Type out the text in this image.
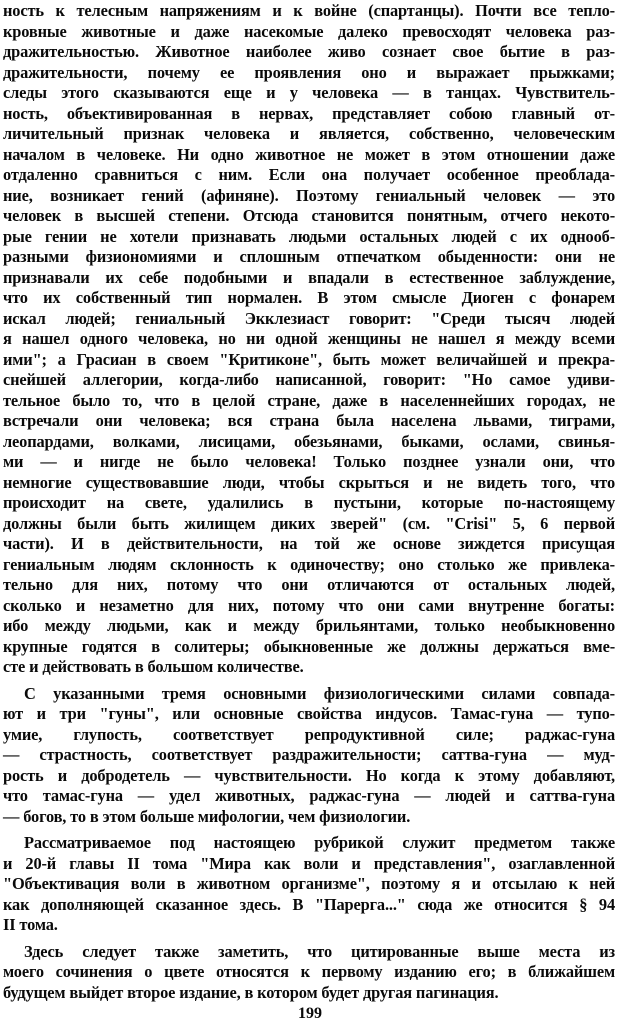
ность к телесным напряжениям и к войне (спартанцы). Почти все тепло-
кровные животные и даже насекомые далеко превосходят человека раз-
дражительностью. Животное наиболее живо сознает свое бытие в раз-
дражительности, почему ее проявления оно и выражает прыжками;
следы этого сказываются еще и у человека — в танцах. Чувствитель-
ность, объективированная в нервах, представляет собою главный от-
личительный признак человека и является, собственно, человеческим
началом в человеке. Ни одно животное не может в этом отношении даже
отдаленно сравниться с ним. Если она получает особенное преоблада-
ние, возникает гений (афиняне). Поэтому гениальный человек — это
человек в высшей степени. Отсюда становится понятным, отчего некото-
рые гении не хотели признавать людьми остальных людей с их однооб-
разными физиономиями и сплошным отпечатком обыденности: они не
признавали их себе подобными и впадали в естественное заблуждение,
что их собственный тип нормален. В этом смысле Диоген с фонарем
искал людей; гениальный Экклезиаст говорит: "Среди тысяч людей
я нашел одного человека, но ни одной женщины не нашел я между всеми
ими"; а Грасиан в своем "Критиконе", быть может величайшей и прекра-
снейшей аллегории, когда-либо написанной, говорит: "Но самое удиви-
тельное было то, что в целой стране, даже в населеннейших городах, не
встречали они человека; вся страна была населена львами, тиграми,
леопардами, волками, лисицами, обезьянами, быками, ослами, свинья-
ми — и нигде не было человека! Только позднее узнали они, что
немногие существовавшие люди, чтобы скрыться и не видеть того, что
происходит на свете, удалились в пустыни, которые по-настоящему
должны были быть жилищем диких зверей" (см. "Crisi" 5, 6 первой
части). И в действительности, на той же основе зиждется присущая
гениальным людям склонность к одиночеству; оно столько же привлека-
тельно для них, потому что они отличаются от остальных людей,
сколько и незаметно для них, потому что они сами внутренне богаты:
ибо между людьми, как и между брильянтами, только необыкновенно
крупные годятся в солитеры; обыкновенные же должны держаться вме-
сте и действовать в большом количестве.
С указанными тремя основными физиологическими силами совпада-
ют и три "гуны", или основные свойства индусов. Тамас-гуна — тупо-
умие, глупость, соответствует репродуктивной силе; раджас-гуна
— страстность, соответствует раздражительности; саттва-гуна — муд-
рость и добродетель — чувствительности. Но когда к этому добавляют,
что тамас-гуна — удел животных, раджас-гуна — людей и саттва-гуна
— богов, то в этом больше мифологии, чем физиологии.
Рассматриваемое под настоящею рубрикой служит предметом также
и 20-й главы II тома "Мира как воли и представления", озаглавленной
"Объективация воли в животном организме", поэтому я и отсылаю к ней
как дополняющей сказанное здесь. В "Парерга..." сюда же относится § 94
II тома.
Здесь следует также заметить, что цитированные выше места из
моего сочинения о цвете относятся к первому изданию его; в ближайшем
будущем выйдет второе издание, в котором будет другая пагинация.
199
